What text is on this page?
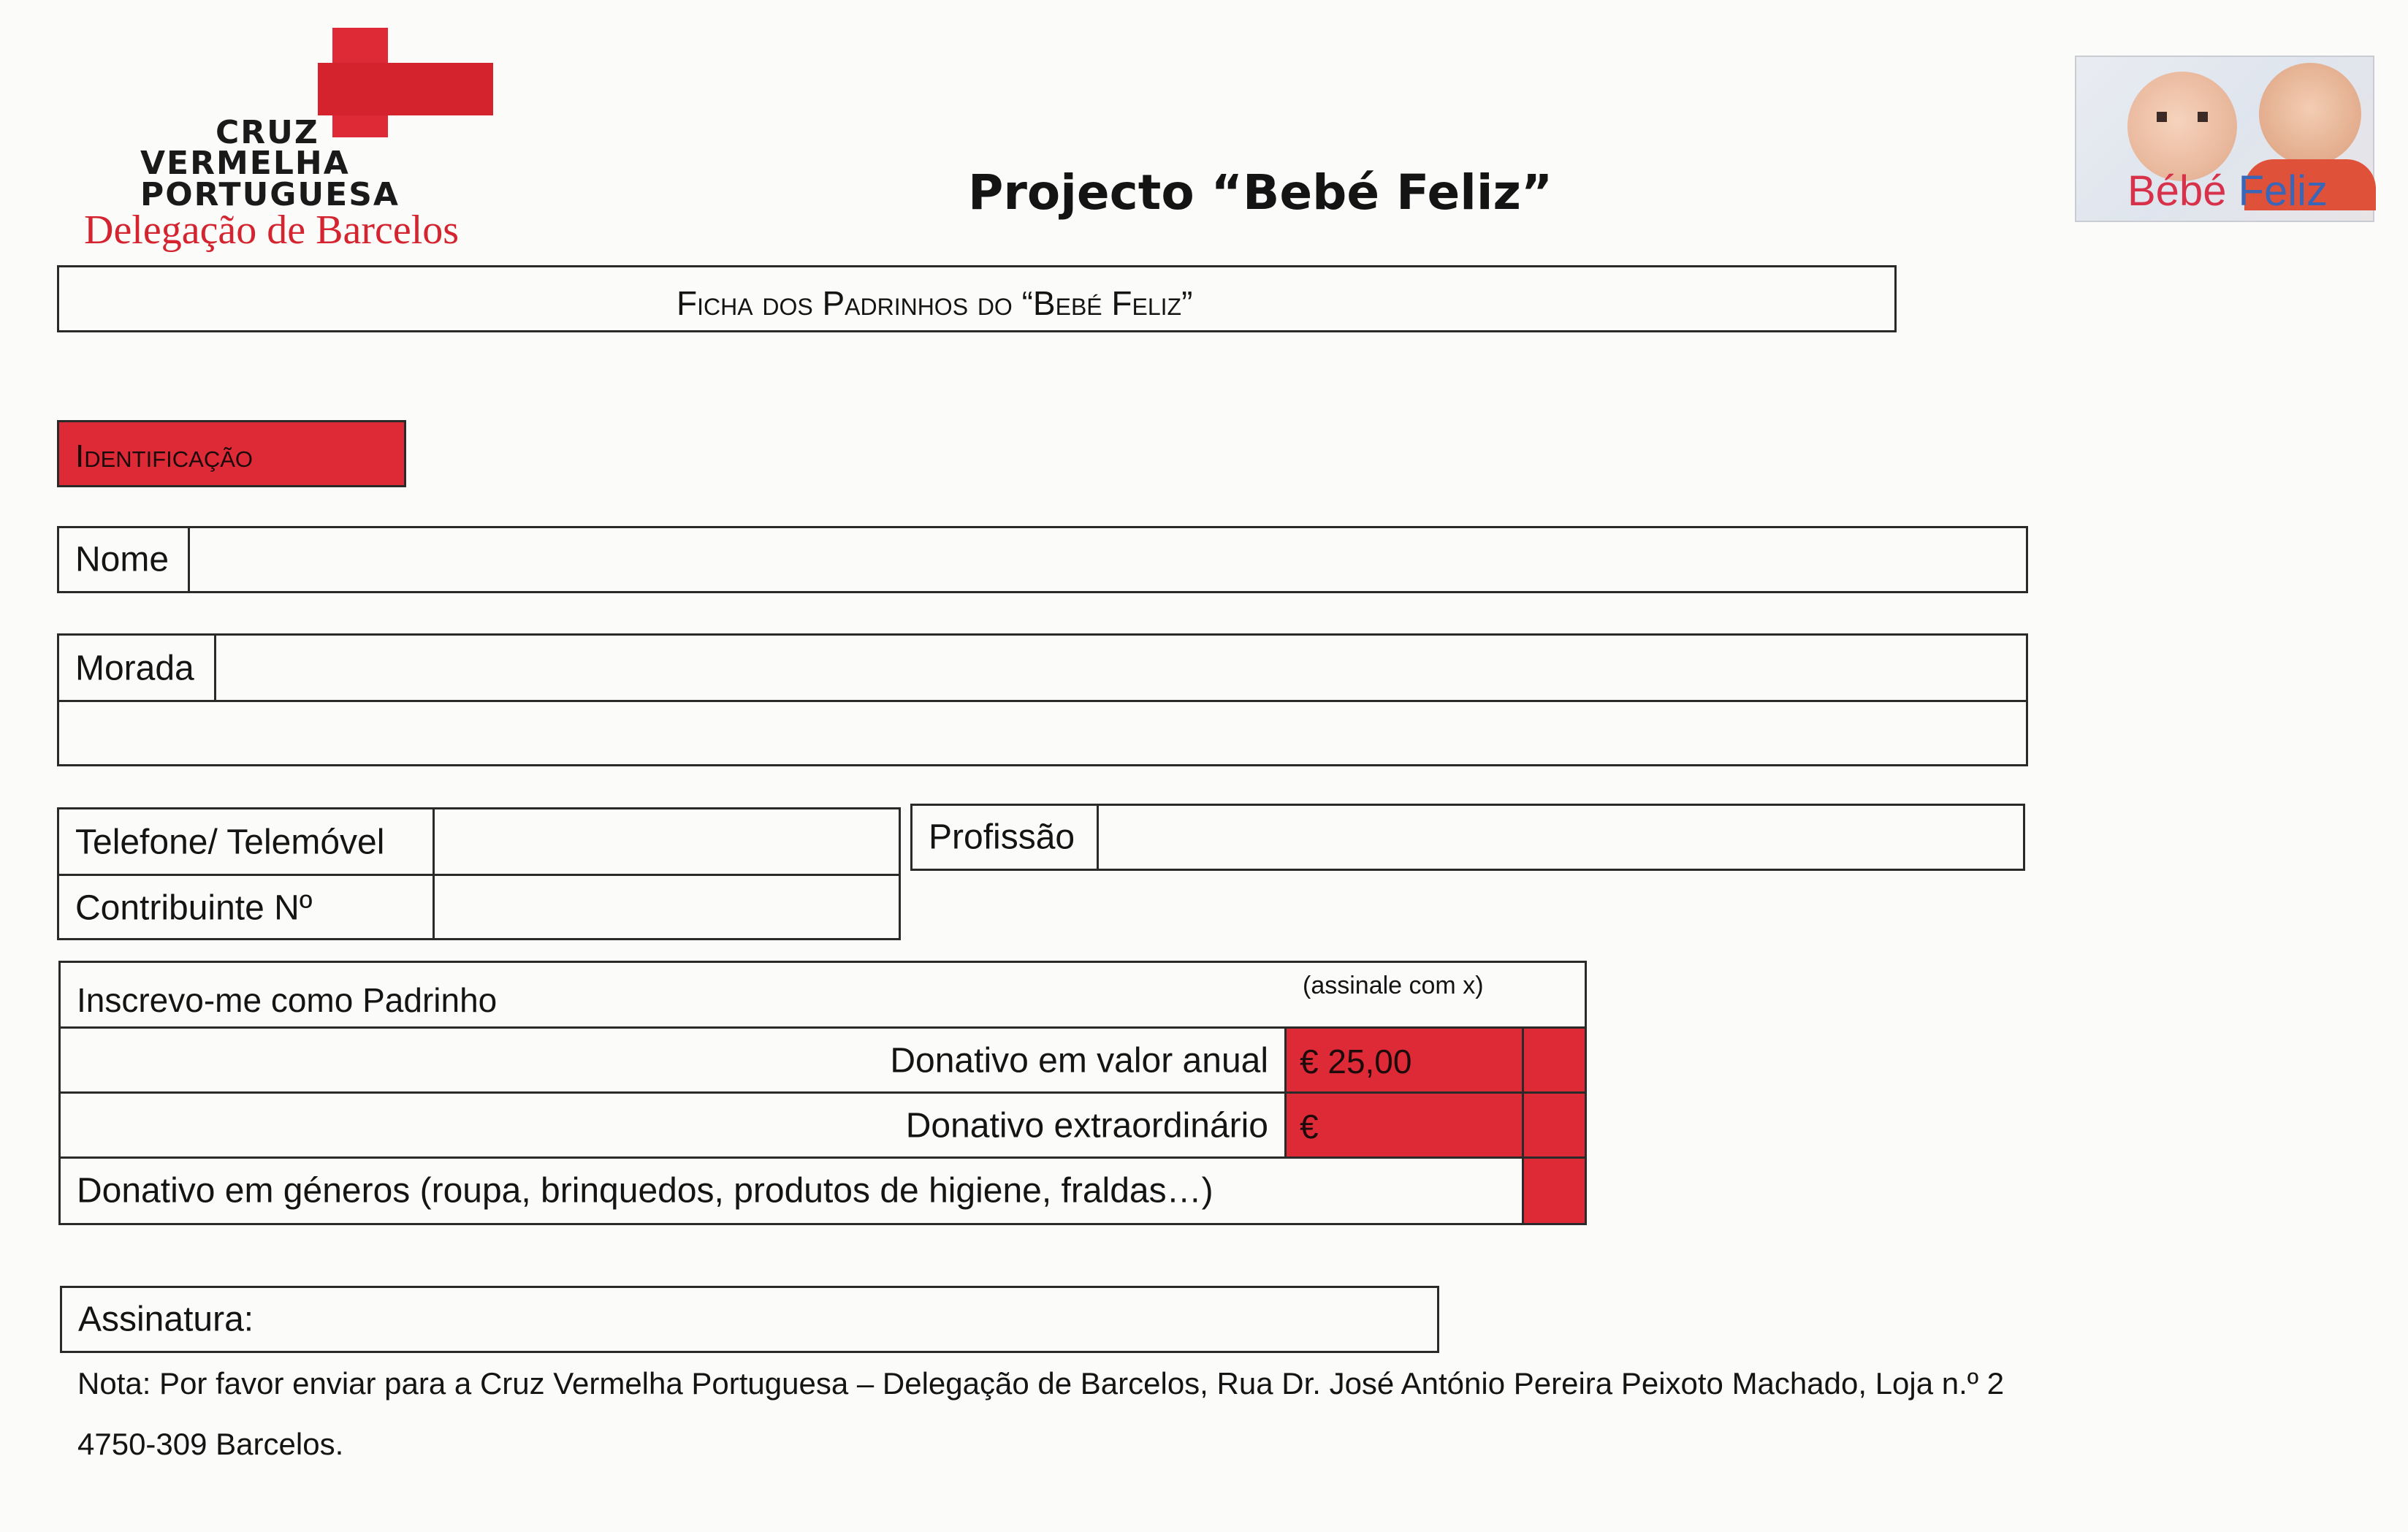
CRUZ
VERMELHA
PORTUGUESA
Delegação de Barcelos
Projecto “Bebé Feliz”	Bébé Feliz
Ficha dos Padrinhos do “Bebé Feliz”
Identificação
Nome
Morada
Telefone/ Telemóvel
Contribuinte Nº
Profissão
Inscrevo-me como Padrinho	(assinale com x)
Donativo em valor anual € 25,00
Donativo extraordinário €
Donativo em géneros (roupa, brinquedos, produtos de higiene, fraldas…)
Assinatura:
Nota: Por favor enviar para a Cruz Vermelha Portuguesa – Delegação de Barcelos, Rua Dr. José António Pereira Peixoto Machado, Loja n.º 2
4750-309 Barcelos.
